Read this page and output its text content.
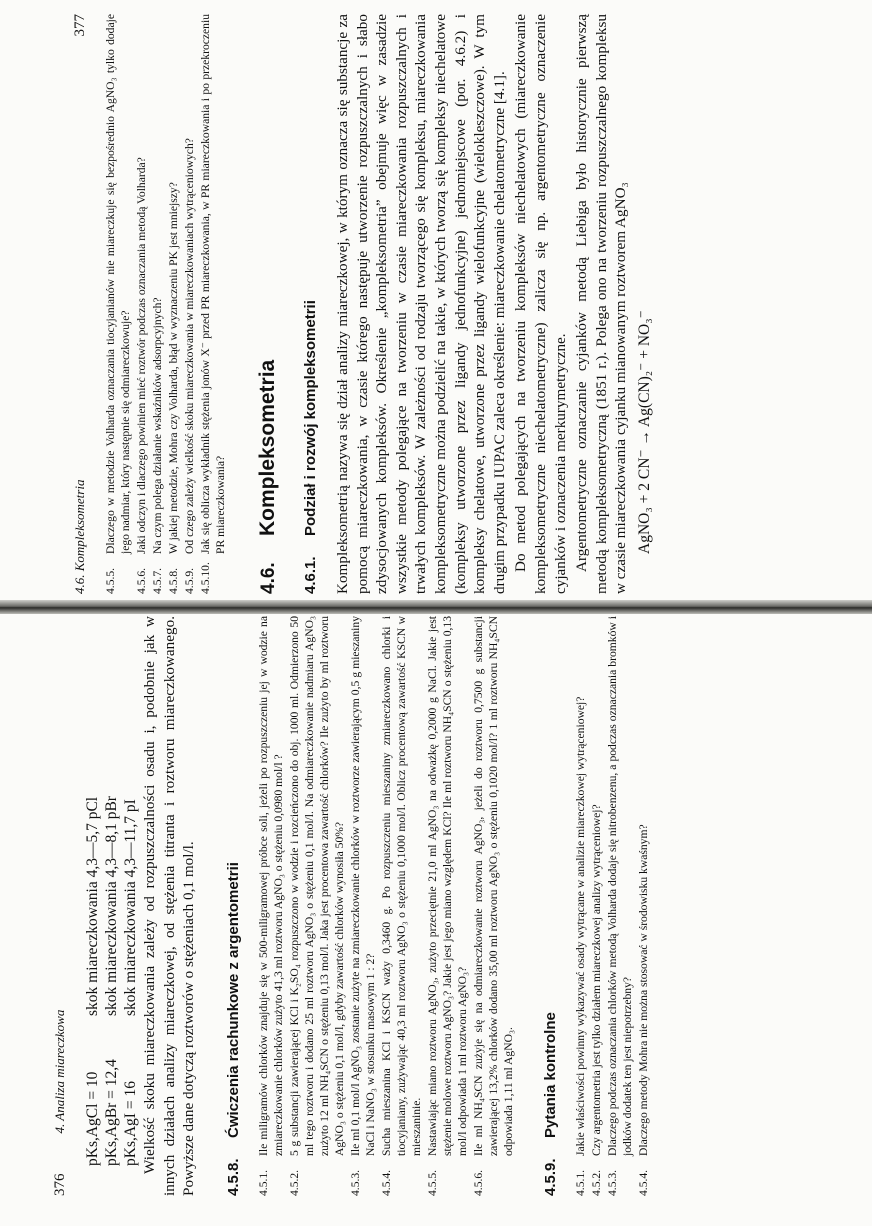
4.6. Kompleksometria
377
4.5.5.
Dlaczego w metodzie Volharda oznaczania tiocyjanianów nie miareczkuje się bezpośrednio AgNO₃ tylko dodaje jego nadmiar, który następnie się odmiareczkowuje?
4.5.6.
Jaki odczyn i dlaczego powinien mieć roztwór podczas oznaczania metodą Volharda?
4.5.7.
Na czym polega działanie wskaźników adsorpcyjnych?
4.5.8.
W jakiej metodzie, Mohra czy Volharda, błąd w wyznaczeniu PK jest mniejszy?
4.5.9.
Od czego zależy wielkość skoku miareczkowania w miareczkowaniach wytrąceniowych?
4.5.10.
Jak się oblicza wykładnik stężenia jonów X⁻ przed PR miareczkowania, w PR miareczkowania i po przekroczeniu PR miareczkowania?
4.6.
Kompleksometria
4.6.1.
Podział i rozwój kompleksometrii Kompleksometrią nazywa się dział analizy miareczkowej, w którym oznacza się substancje za pomocą miareczkowania, w czasie którego następuje utworzenie rozpuszczalnych i słabo zdysocjowanych kompleksów. Określenie „kompleksometria” obejmuje więc w zasadzie wszystkie metody polegające na tworzeniu w czasie miareczkowania rozpuszczalnych i trwałych kompleksów. W zależności od rodzaju tworzącego się kompleksu, miareczkowania kompleksometryczne można podzielić na takie, w których tworzą się kompleksy niechelatowe (kompleksy utworzone przez ligandy jednofunkcyjne) jednomiejscowe (por. 4.6.2) i kompleksy chelatowe, utworzone przez ligandy wielofunkcyjne (wielokleszczowe). W tym drugim przypadku IUPAC zaleca określenie: miareczkowanie chelatometryczne [4.1]. Do metod polegających na tworzeniu kompleksów niechelatowych (miareczkowanie kompleksometryczne niechelatometryczne) zalicza się np. argentometryczne oznaczenie cyjanków i oznaczenia merkurymetryczne. Argentometryczne oznaczanie cyjanków metodą Liebiga było historycznie pierwszą metodą kompleksometryczną (1851 r.). Polega ono na tworzeniu rozpuszczalnego kompleksu w czasie miareczkowania cyjanku mianowanym roztworem AgNO₃ AgNO₃ + 2 CN⁻ → Ag(CN)₂⁻ + NO₃⁻
376
4. Analiza miareczkowa pKs,AgCl = 10
skok miareczkowania 4,3—5,7 pCl
pKs,AgBr = 12,4
skok miareczkowania 4,3—8,1 pBr
pKs,AgI = 16
skok miareczkowania 4,3—11,7 pI Wielkość skoku miareczkowania zależy od rozpuszczalności osadu i, podobnie jak w innych działach analizy miareczkowej, od stężenia titranta i roztworu miareczkowanego. Powyższe dane dotyczą roztworów o stężeniach 0,1 mol/l. 4.5.8.
Ćwiczenia rachunkowe z argentometrii
4.5.1.
Ile miligramów chlorków znajduje się w 500-miligramowej próbce soli, jeżeli po rozpuszczeniu jej w wodzie na zmiareczkowanie chlorków zużyto 41,3 ml roztworu AgNO₃ o stężeniu 0,0980 mol/l ?
4.5.2.
5 g substancji zawierającej KCl i K₂SO₄ rozpuszczono w wodzie i rozcieńczono do obj. 1000 ml. Odmierzono 50 ml tego roztworu i dodano 25 ml roztworu AgNO₃ o stężeniu 0,1 mol/l. Na odmiareczkowanie nadmiaru AgNO₃ zużyto 12 ml NH₄SCN o stężeniu 0,13 mol/l. Jaka jest procentowa zawartość chlorków? Ile zużyto by ml roztworu AgNO₃ o stężeniu 0,1 mol/l, gdyby zawartość chlorków wynosiła 50%?
4.5.3.
Ile ml 0,1 mol/l AgNO₃ zostanie zużyte na zmiareczkowanie chlorków w roztworze zawierającym 0,5 g mieszaniny NaCl i NaNO₃ w stosunku masowym 1 : 2?
4.5.4.
Sucha mieszanina KCl i KSCN waży 0,3460 g. Po rozpuszczeniu mieszaniny zmiareczkowano chlorki i tiocyjaniany, zużywając 40,3 ml roztworu AgNO₃ o stężeniu 0,1000 mol/l. Oblicz procentową zawartość KSCN w mieszaninie.
4.5.5.
Nastawiając miano roztworu AgNO₃, zużyto przeciętnie 21,0 ml AgNO₃ na odważkę 0,2000 g NaCl. Jakie jest stężenie molowe roztworu AgNO₃? Jakie jest jego miano względem KCl? Ile ml roztworu NH₄SCN o stężeniu 0,13 mol/l odpowiada 1 ml roztworu AgNO₃?
4.5.6.
Ile ml NH₄SCN zużyje się na odmiareczkowanie roztworu AgNO₃, jeżeli do roztworu 0,7500 g substancji zawierającej 13,2% chlorków dodano 35,00 ml roztworu AgNO₃ o stężeniu 0,1020 mol/l? 1 ml roztworu NH₄SCN odpowiada 1,11 ml AgNO₃.
4.5.9.
Pytania kontrolne
4.5.1.
Jakie właściwości powinny wykazywać osady wytrącane w analizie miareczkowej wytrąceniowej?
4.5.2.
Czy argentometria jest tylko działem miareczkowej analizy wytrąceniowej?
4.5.3.
Dlaczego podczas oznaczania chlorków metodą Volharda dodaje się nitrobenzenu, a podczas oznaczania bromków i jodków dodatek ten jest niepotrzebny?
4.5.4.
Dlaczego metody Mohra nie można stosować w środowisku kwaśnym?
